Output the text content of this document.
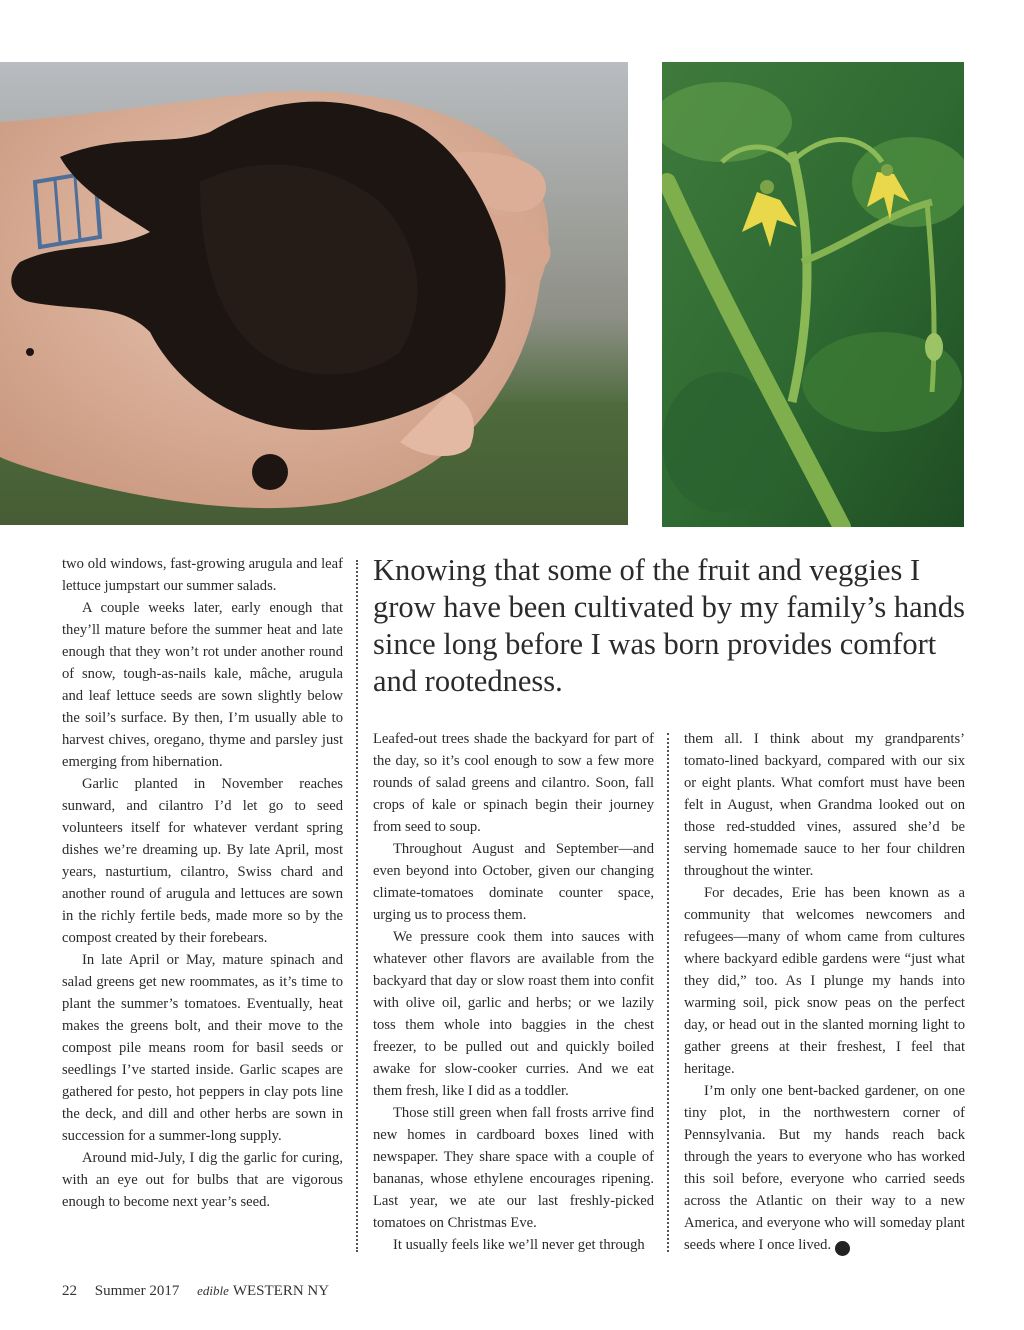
two old windows, fast-growing arugula and leaf lettuce jumpstart our summer salads.

A couple weeks later, early enough that they’ll mature before the summer heat and late enough that they won’t rot under another round of snow, tough-as-nails kale, mâche, arugula and leaf lettuce seeds are sown slightly below the soil’s surface. By then, I’m usually able to harvest chives, oregano, thyme and parsley just emerging from hibernation.

Garlic planted in November reaches sunward, and cilantro I’d let go to seed volunteers itself for whatever verdant spring dishes we’re dreaming up. By late April, most years, nasturtium, cilantro, Swiss chard and another round of arugula and lettuces are sown in the richly fertile beds, made more so by the compost created by their forebears.

In late April or May, mature spinach and salad greens get new roommates, as it’s time to plant the summer’s tomatoes. Eventually, heat makes the greens bolt, and their move to the compost pile means room for basil seeds or seedlings I’ve started inside. Garlic scapes are gathered for pesto, hot peppers in clay pots line the deck, and dill and other herbs are sown in succession for a summer-long supply.

Around mid-July, I dig the garlic for curing, with an eye out for bulbs that are vigorous enough to become next year’s seed.

Knowing that some of the fruit and veggies I grow have been cultivated by my family’s hands since long before I was born provides comfort and rootedness.

Leafed-out trees shade the backyard for part of the day, so it’s cool enough to sow a few more rounds of salad greens and cilantro. Soon, fall crops of kale or spinach begin their journey from seed to soup.

Throughout August and September—and even beyond into October, given our changing climate-tomatoes dominate counter space, urging us to process them.

We pressure cook them into sauces with whatever other flavors are available from the backyard that day or slow roast them into confit with olive oil, garlic and herbs; or we lazily toss them whole into baggies in the chest freezer, to be pulled out and quickly boiled awake for slow-cooker curries. And we eat them fresh, like I did as a toddler.

Those still green when fall frosts arrive find new homes in cardboard boxes lined with newspaper. They share space with a couple of bananas, whose ethylene encourages ripening. Last year, we ate our last freshly-picked tomatoes on Christmas Eve.

It usually feels like we’ll never get through

them all. I think about my grandparents’ tomato-lined backyard, compared with our six or eight plants. What comfort must have been felt in August, when Grandma looked out on those red-studded vines, assured she’d be serving homemade sauce to her four children throughout the winter.

For decades, Erie has been known as a community that welcomes newcomers and refugees—many of whom came from cultures where backyard edible gardens were “just what they did,” too. As I plunge my hands into warming soil, pick snow peas on the perfect day, or head out in the slanted morning light to gather greens at their freshest, I feel that heritage.

I’m only one bent-backed gardener, on one tiny plot, in the northwestern corner of Pennsylvania. But my hands reach back through the years to everyone who has worked this soil before, everyone who carried seeds across the Atlantic on their way to a new America, and everyone who will someday plant seeds where I once lived. e

22 Summer 2017 edible WESTERN NY
